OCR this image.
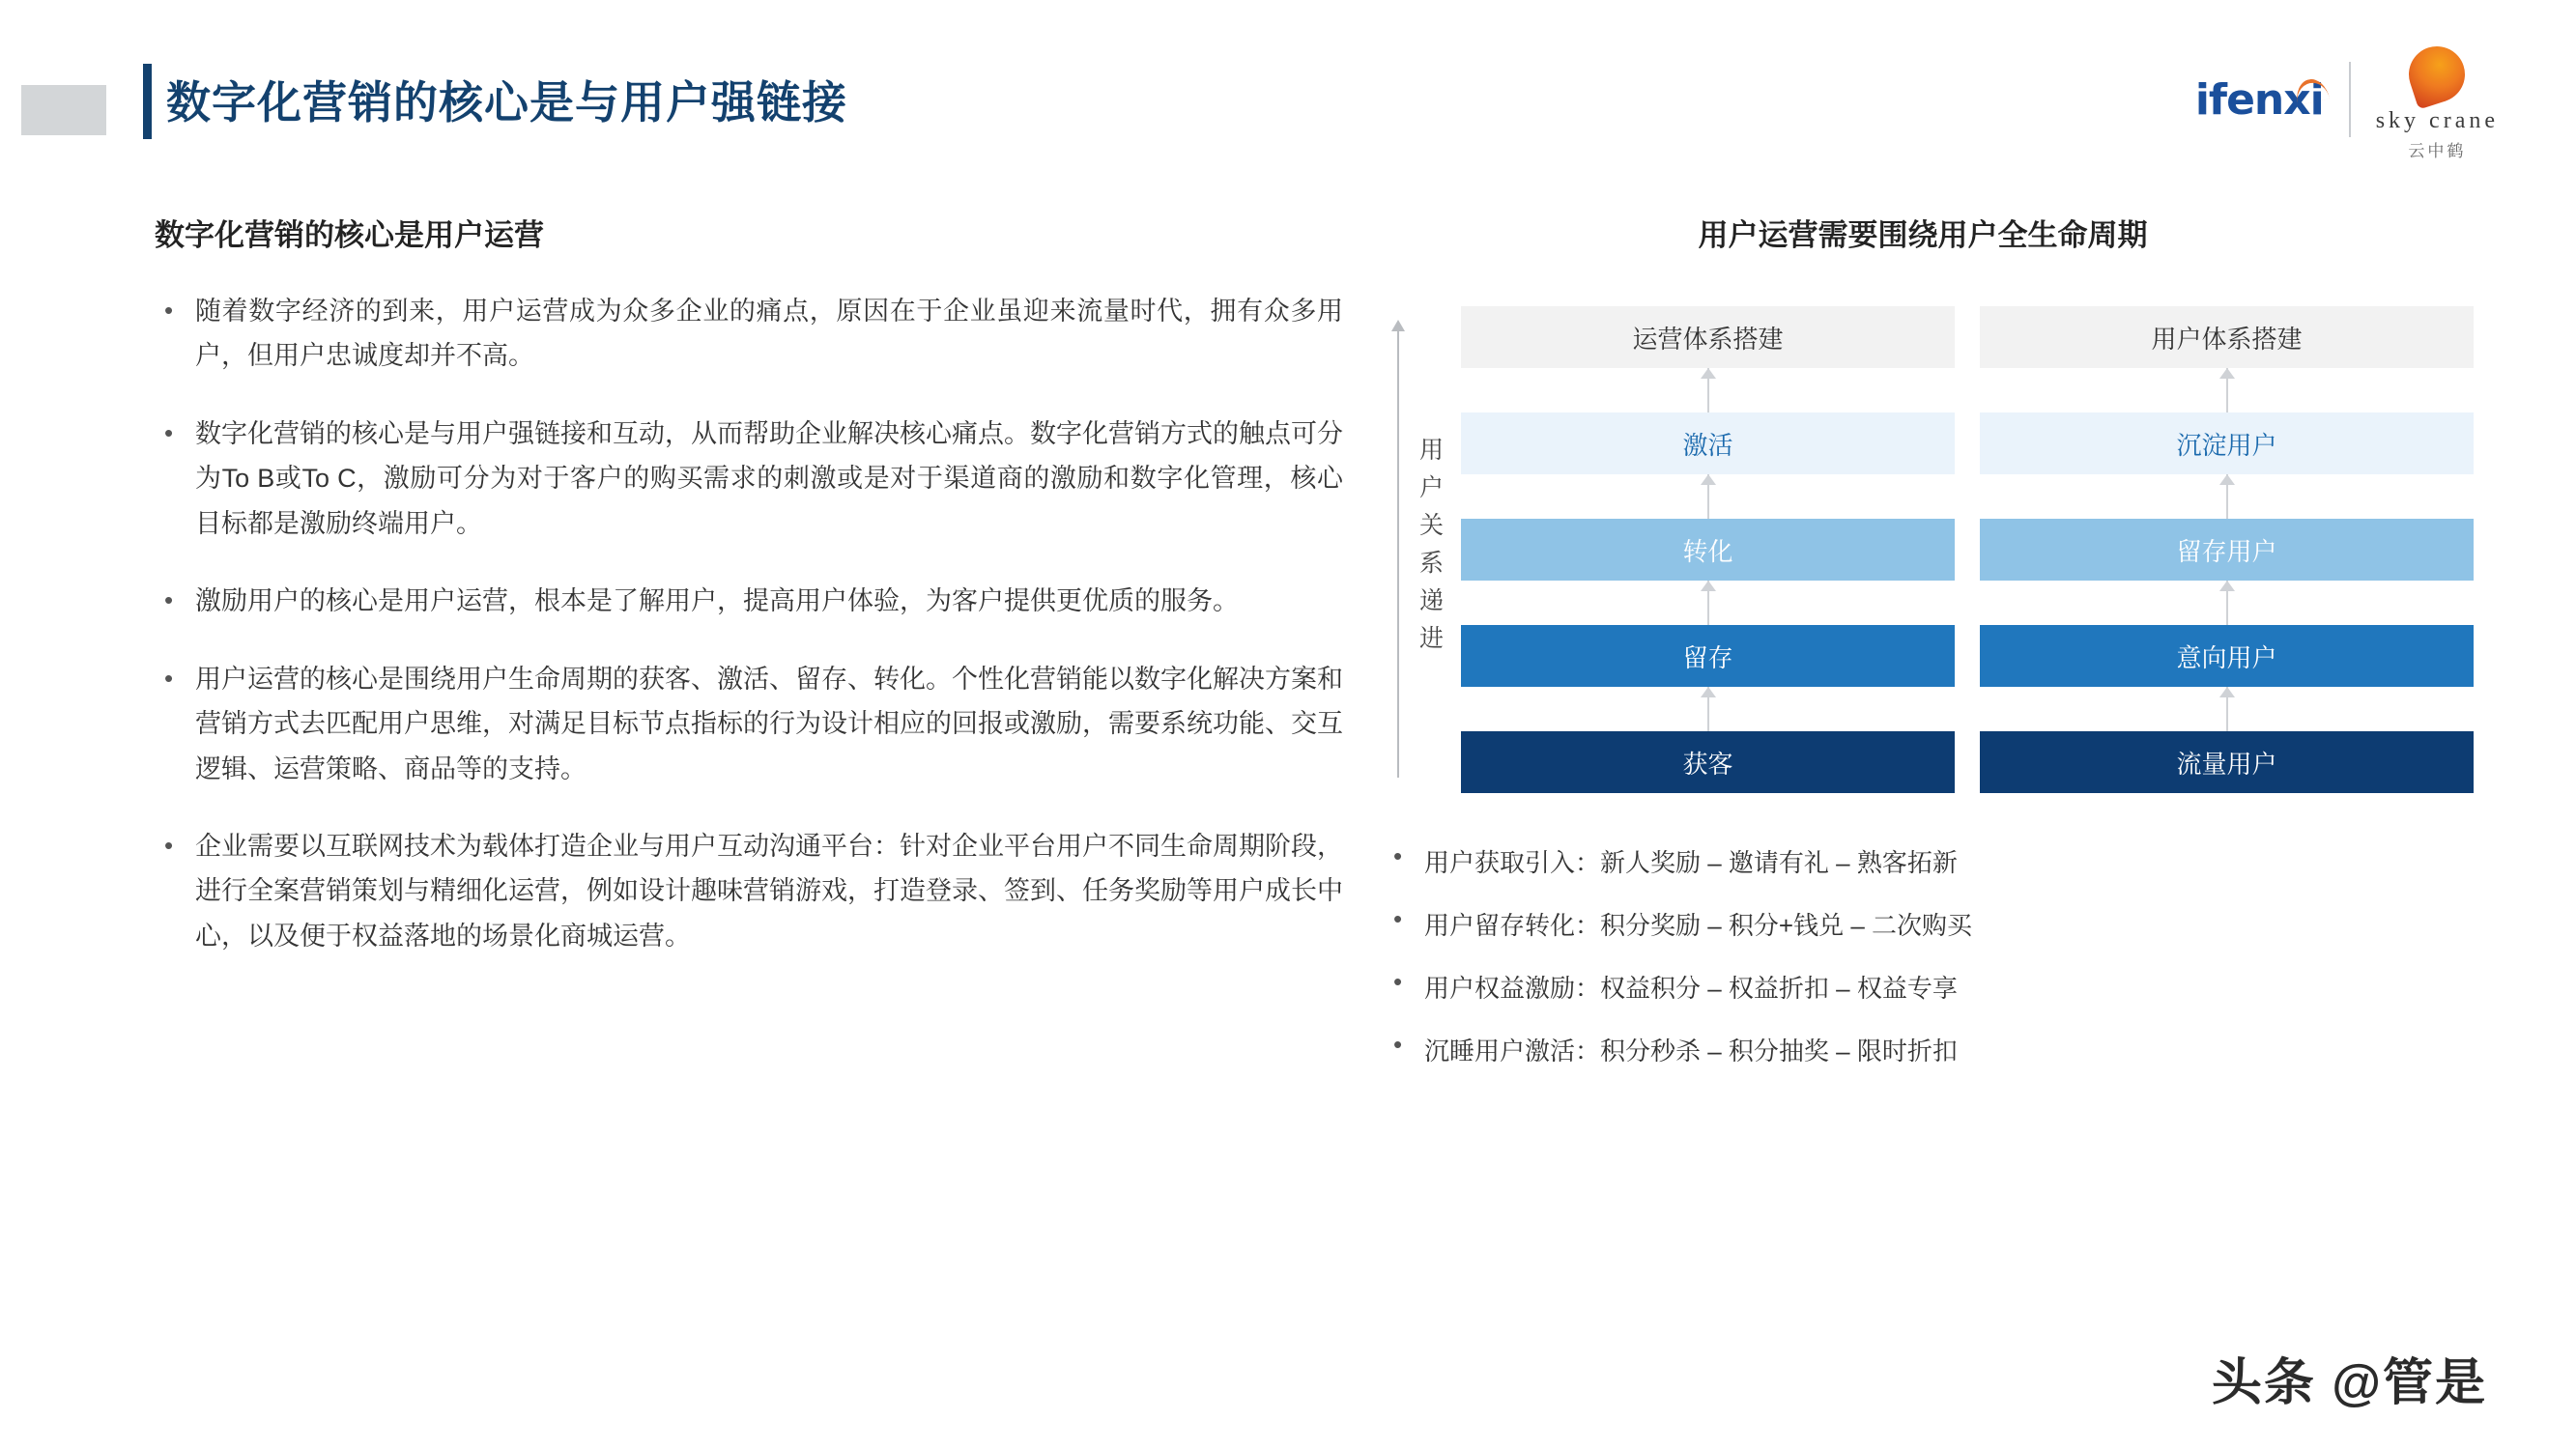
数字化营销的核心是与用户强链接	ifenxi sky crane
云中鹤
数字化营销的核心是用户运营
• 随着数字经济的到来，用户运营成为众多企业的痛点，原因在于企业虽迎来流量时代，拥有众多用户，但用户忠诚度却并不高。
• 数字化营销的核心是与用户强链接和互动，从而帮助企业解决核心痛点。数字化营销方式的触点可分为To B或To C，激励可分为对于客户的购买需求的刺激或是对于渠道商的激励和数字化管理，核心目标都是激励终端用户。
• 激励用户的核心是用户运营，根本是了解用户，提高用户体验，为客户提供更优质的服务。
• 用户运营的核心是围绕用户生命周期的获客、激活、留存、转化。个性化营销能以数字化解决方案和营销方式去匹配用户思维，对满足目标节点指标的行为设计相应的回报或激励，需要系统功能、交互逻辑、运营策略、商品等的支持。
• 企业需要以互联网技术为载体打造企业与用户互动沟通平台：针对企业平台用户不同生命周期阶段，进行全案营销策划与精细化运营，例如设计趣味营销游戏，打造登录、签到、任务奖励等用户成长中心，以及便于权益落地的场景化商城运营。
用户运营需要围绕用户全生命周期
用户关系递进
获客
留存
转化
激活
运营体系搭建
流量用户
意向用户
留存用户
沉淀用户
用户体系搭建
• 用户获取引入：新人奖励 – 邀请有礼 – 熟客拓新
• 用户留存转化：积分奖励 – 积分+钱兑 – 二次购买
• 用户权益激励：权益积分 – 权益折扣 – 权益专享
• 沉睡用户激活：积分秒杀 – 积分抽奖 – 限时折扣
头条 @管是
